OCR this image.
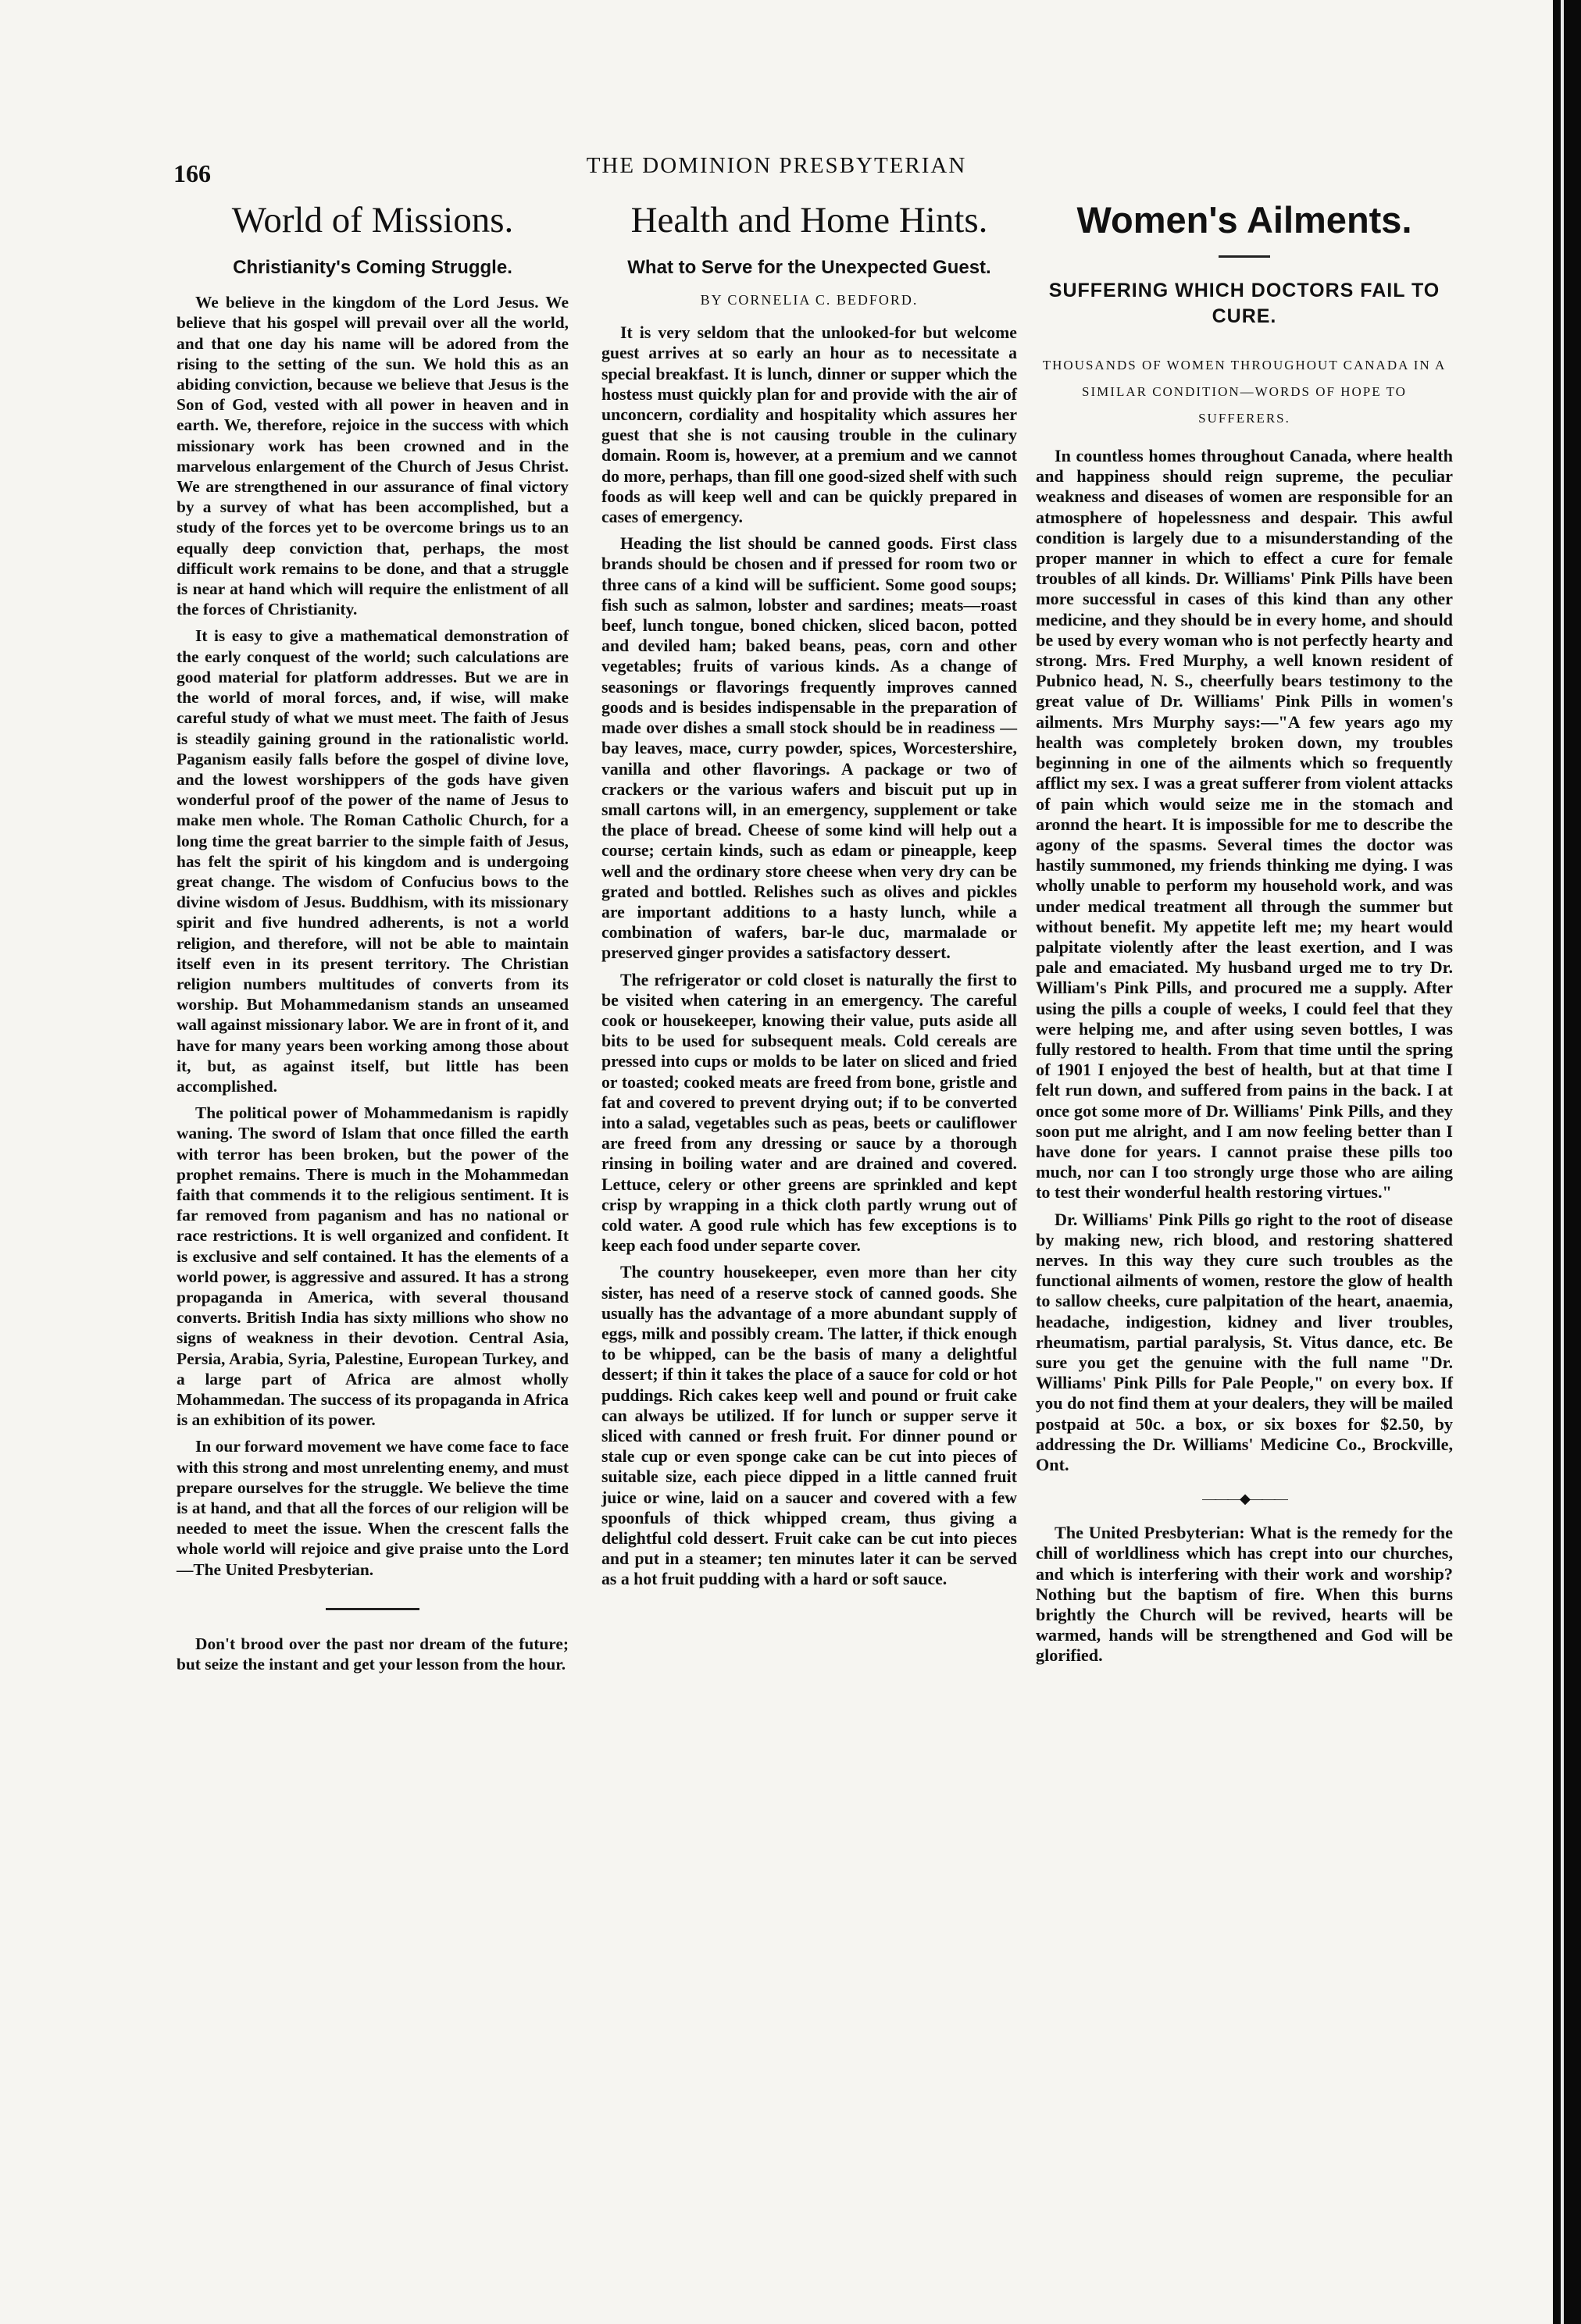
166	THE DOMINION PRESBYTERIAN
World of Missions.
Christianity's Coming Struggle.

We believe in the kingdom of the Lord Jesus. We believe that his gospel will prevail over all the world, and that one day his name will be adored from the rising to the setting of the sun. We hold this as an abiding conviction, because we believe that Jesus is the Son of God, vested with all power in heaven and in earth. We, therefore, rejoice in the success with which missionary work has been crowned and in the marvelous enlargement of the Church of Jesus Christ. We are strengthened in our assurance of final victory by a survey of what has been accomplished, but a study of the forces yet to be overcome brings us to an equally deep conviction that, perhaps, the most difficult work remains to be done, and that a struggle is near at hand which will require the enlistment of all the forces of Christianity.

It is easy to give a mathematical demonstration of the early conquest of the world; such calculations are good material for platform addresses. But we are in the world of moral forces, and, if wise, will make careful study of what we must meet. The faith of Jesus is steadily gaining ground in the rationalistic world. Paganism easily falls before the gospel of divine love, and the lowest worshippers of the gods have given wonderful proof of the power of the name of Jesus to make men whole. The Roman Catholic Church, for a long time the great barrier to the simple faith of Jesus, has felt the spirit of his kingdom and is undergoing great change. The wisdom of Confucius bows to the divine wisdom of Jesus. Buddhism, with its missionary spirit and five hundred adherents, is not a world religion, and therefore, will not be able to maintain itself even in its present territory. The Christian religion numbers multitudes of converts from its worship. But Mohammedanism stands an unseamed wall against missionary labor. We are in front of it, and have for many years been working among those about it, but, as against itself, but little has been accomplished.

The political power of Mohammedanism is rapidly waning. The sword of Islam that once filled the earth with terror has been broken, but the power of the prophet remains. There is much in the Mohammedan faith that commends it to the religious sentiment. It is far removed from paganism and has no national or race restrictions. It is well organized and confident. It is exclusive and self contained. It has the elements of a world power, is aggressive and assured. It has a strong propaganda in America, with several thousand converts. British India has sixty millions who show no signs of weakness in their devotion. Central Asia, Persia, Arabia, Syria, Palestine, European Turkey, and a large part of Africa are almost wholly Mohammedan. The success of its propaganda in Africa is an exhibition of its power.

In our forward movement we have come face to face with this strong and most unrelenting enemy, and must prepare ourselves for the struggle. We believe the time is at hand, and that all the forces of our religion will be needed to meet the issue. When the crescent falls the whole world will rejoice and give praise unto the Lord—The United Presbyterian.

Don't brood over the past nor dream of the future; but seize the instant and get your lesson from the hour.

Health and Home Hints.
What to Serve for the Unexpected Guest.
BY CORNELIA C. BEDFORD.

It is very seldom that the unlooked-for but welcome guest arrives at so early an hour as to necessitate a special breakfast. It is lunch, dinner or supper which the hostess must quickly plan for and provide with the air of unconcern, cordiality and hospitality which assures her guest that she is not causing trouble in the culinary domain. Room is, however, at a premium and we cannot do more, perhaps, than fill one good-sized shelf with such foods as will keep well and can be quickly prepared in cases of emergency.

Heading the list should be canned goods. First class brands should be chosen and if pressed for room two or three cans of a kind will be sufficient. Some good soups; fish such as salmon, lobster and sardines; meats—roast beef, lunch tongue, boned chicken, sliced bacon, potted and deviled ham; baked beans, peas, corn and other vegetables; fruits of various kinds. As a change of seasonings or flavorings frequently improves canned goods and is besides indispensable in the preparation of made over dishes a small stock should be in readiness —bay leaves, mace, curry powder, spices, Worcestershire, vanilla and other flavorings. A package or two of crackers or the various wafers and biscuit put up in small cartons will, in an emergency, supplement or take the place of bread. Cheese of some kind will help out a course; certain kinds, such as edam or pineapple, keep well and the ordinary store cheese when very dry can be grated and bottled. Relishes such as olives and pickles are important additions to a hasty lunch, while a combination of wafers, bar-le duc, marmalade or preserved ginger provides a satisfactory dessert.

The refrigerator or cold closet is naturally the first to be visited when catering in an emergency. The careful cook or housekeeper, knowing their value, puts aside all bits to be used for subsequent meals. Cold cereals are pressed into cups or molds to be later on sliced and fried or toasted; cooked meats are freed from bone, gristle and fat and covered to prevent drying out; if to be converted into a salad, vegetables such as peas, beets or cauliflower are freed from any dressing or sauce by a thorough rinsing in boiling water and are drained and covered. Lettuce, celery or other greens are sprinkled and kept crisp by wrapping in a thick cloth partly wrung out of cold water. A good rule which has few exceptions is to keep each food under separte cover.

The country housekeeper, even more than her city sister, has need of a reserve stock of canned goods. She usually has the advantage of a more abundant supply of eggs, milk and possibly cream. The latter, if thick enough to be whipped, can be the basis of many a delightful dessert; if thin it takes the place of a sauce for cold or hot puddings. Rich cakes keep well and pound or fruit cake can always be utilized. If for lunch or supper serve it sliced with canned or fresh fruit. For dinner pound or stale cup or even sponge cake can be cut into pieces of suitable size, each piece dipped in a little canned fruit juice or wine, laid on a saucer and covered with a few spoonfuls of thick whipped cream, thus giving a delightful cold dessert. Fruit cake can be cut into pieces and put in a steamer; ten minutes later it can be served as a hot fruit pudding with a hard or soft sauce.

Women's Ailments.
SUFFERING WHICH DOCTORS FAIL TO CURE.
THOUSANDS OF WOMEN THROUGHOUT CANADA IN A SIMILAR CONDITION—WORDS OF HOPE TO SUFFERERS.

In countless homes throughout Canada, where health and happiness should reign supreme, the peculiar weakness and diseases of women are responsible for an atmosphere of hopelessness and despair. This awful condition is largely due to a misunderstanding of the proper manner in which to effect a cure for female troubles of all kinds. Dr. Williams' Pink Pills have been more successful in cases of this kind than any other medicine, and they should be in every home, and should be used by every woman who is not perfectly hearty and strong. Mrs. Fred Murphy, a well known resident of Pubnico head, N. S., cheerfully bears testimony to the great value of Dr. Williams' Pink Pills in women's ailments. Mrs Murphy says:—"A few years ago my health was completely broken down, my troubles beginning in one of the ailments which so frequently afflict my sex. I was a great sufferer from violent attacks of pain which would seize me in the stomach and aronnd the heart. It is impossible for me to describe the agony of the spasms. Several times the doctor was hastily summoned, my friends thinking me dying. I was wholly unable to perform my household work, and was under medical treatment all through the summer but without benefit. My appetite left me; my heart would palpitate violently after the least exertion, and I was pale and emaciated. My husband urged me to try Dr. William's Pink Pills, and procured me a supply. After using the pills a couple of weeks, I could feel that they were helping me, and after using seven bottles, I was fully restored to health. From that time until the spring of 1901 I enjoyed the best of health, but at that time I felt run down, and suffered from pains in the back. I at once got some more of Dr. Williams' Pink Pills, and they soon put me alright, and I am now feeling better than I have done for years. I cannot praise these pills too much, nor can I too strongly urge those who are ailing to test their wonderful health restoring virtues."

Dr. Williams' Pink Pills go right to the root of disease by making new, rich blood, and restoring shattered nerves. In this way they cure such troubles as the functional ailments of women, restore the glow of health to sallow cheeks, cure palpitation of the heart, anaemia, headache, indigestion, kidney and liver troubles, rheumatism, partial paralysis, St. Vitus dance, etc. Be sure you get the genuine with the full name "Dr. Williams' Pink Pills for Pale People," on every box. If you do not find them at your dealers, they will be mailed postpaid at 50c. a box, or six boxes for $2.50, by addressing the Dr. Williams' Medicine Co., Brockville, Ont.

———◆———

The United Presbyterian: What is the remedy for the chill of worldliness which has crept into our churches, and which is interfering with their work and worship? Nothing but the baptism of fire. When this burns brightly the Church will be revived, hearts will be warmed, hands will be strengthened and God will be glorified.
